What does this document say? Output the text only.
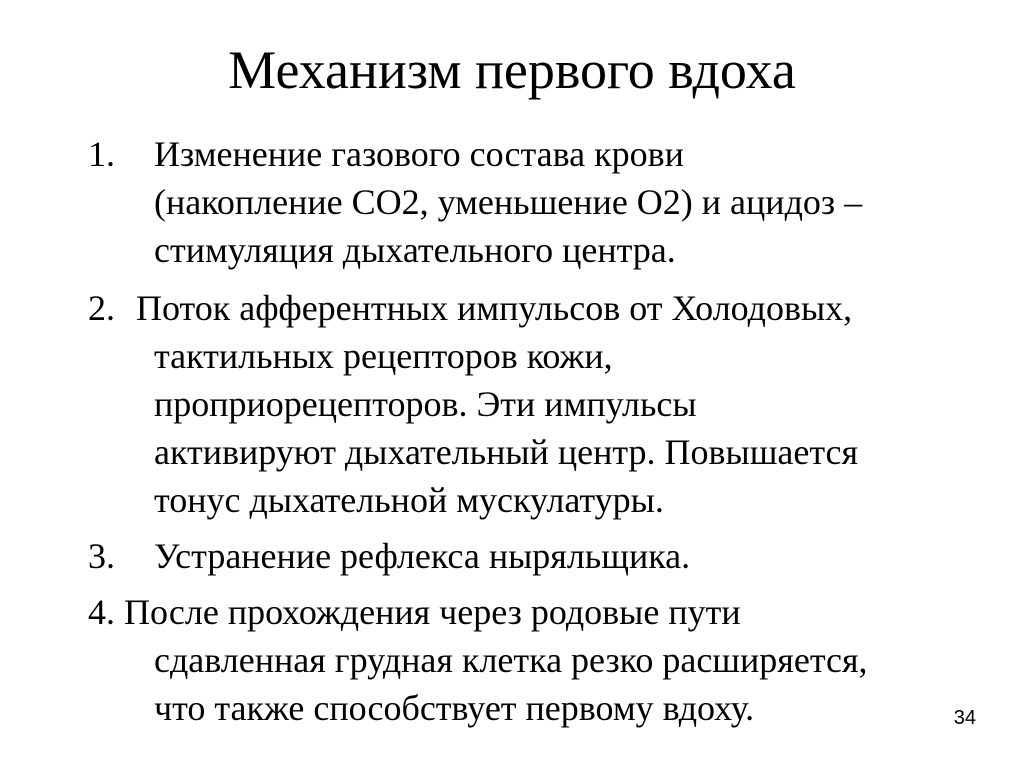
Механизм первого вдоха
1. Изменение газового состава крови
(накопление СО2, уменьшение О2) и ацидоз –
стимуляция дыхательного центра.
2. Поток афферентных импульсов от Холодовых,
тактильных рецепторов кожи,
проприорецепторов. Эти импульсы
активируют дыхательный центр. Повышается
тонус дыхательной мускулатуры.
3. Устранение рефлекса ныряльщика.
4. После прохождения через родовые пути
сдавленная грудная клетка резко расширяется,
что также способствует первому вдоху.	34
